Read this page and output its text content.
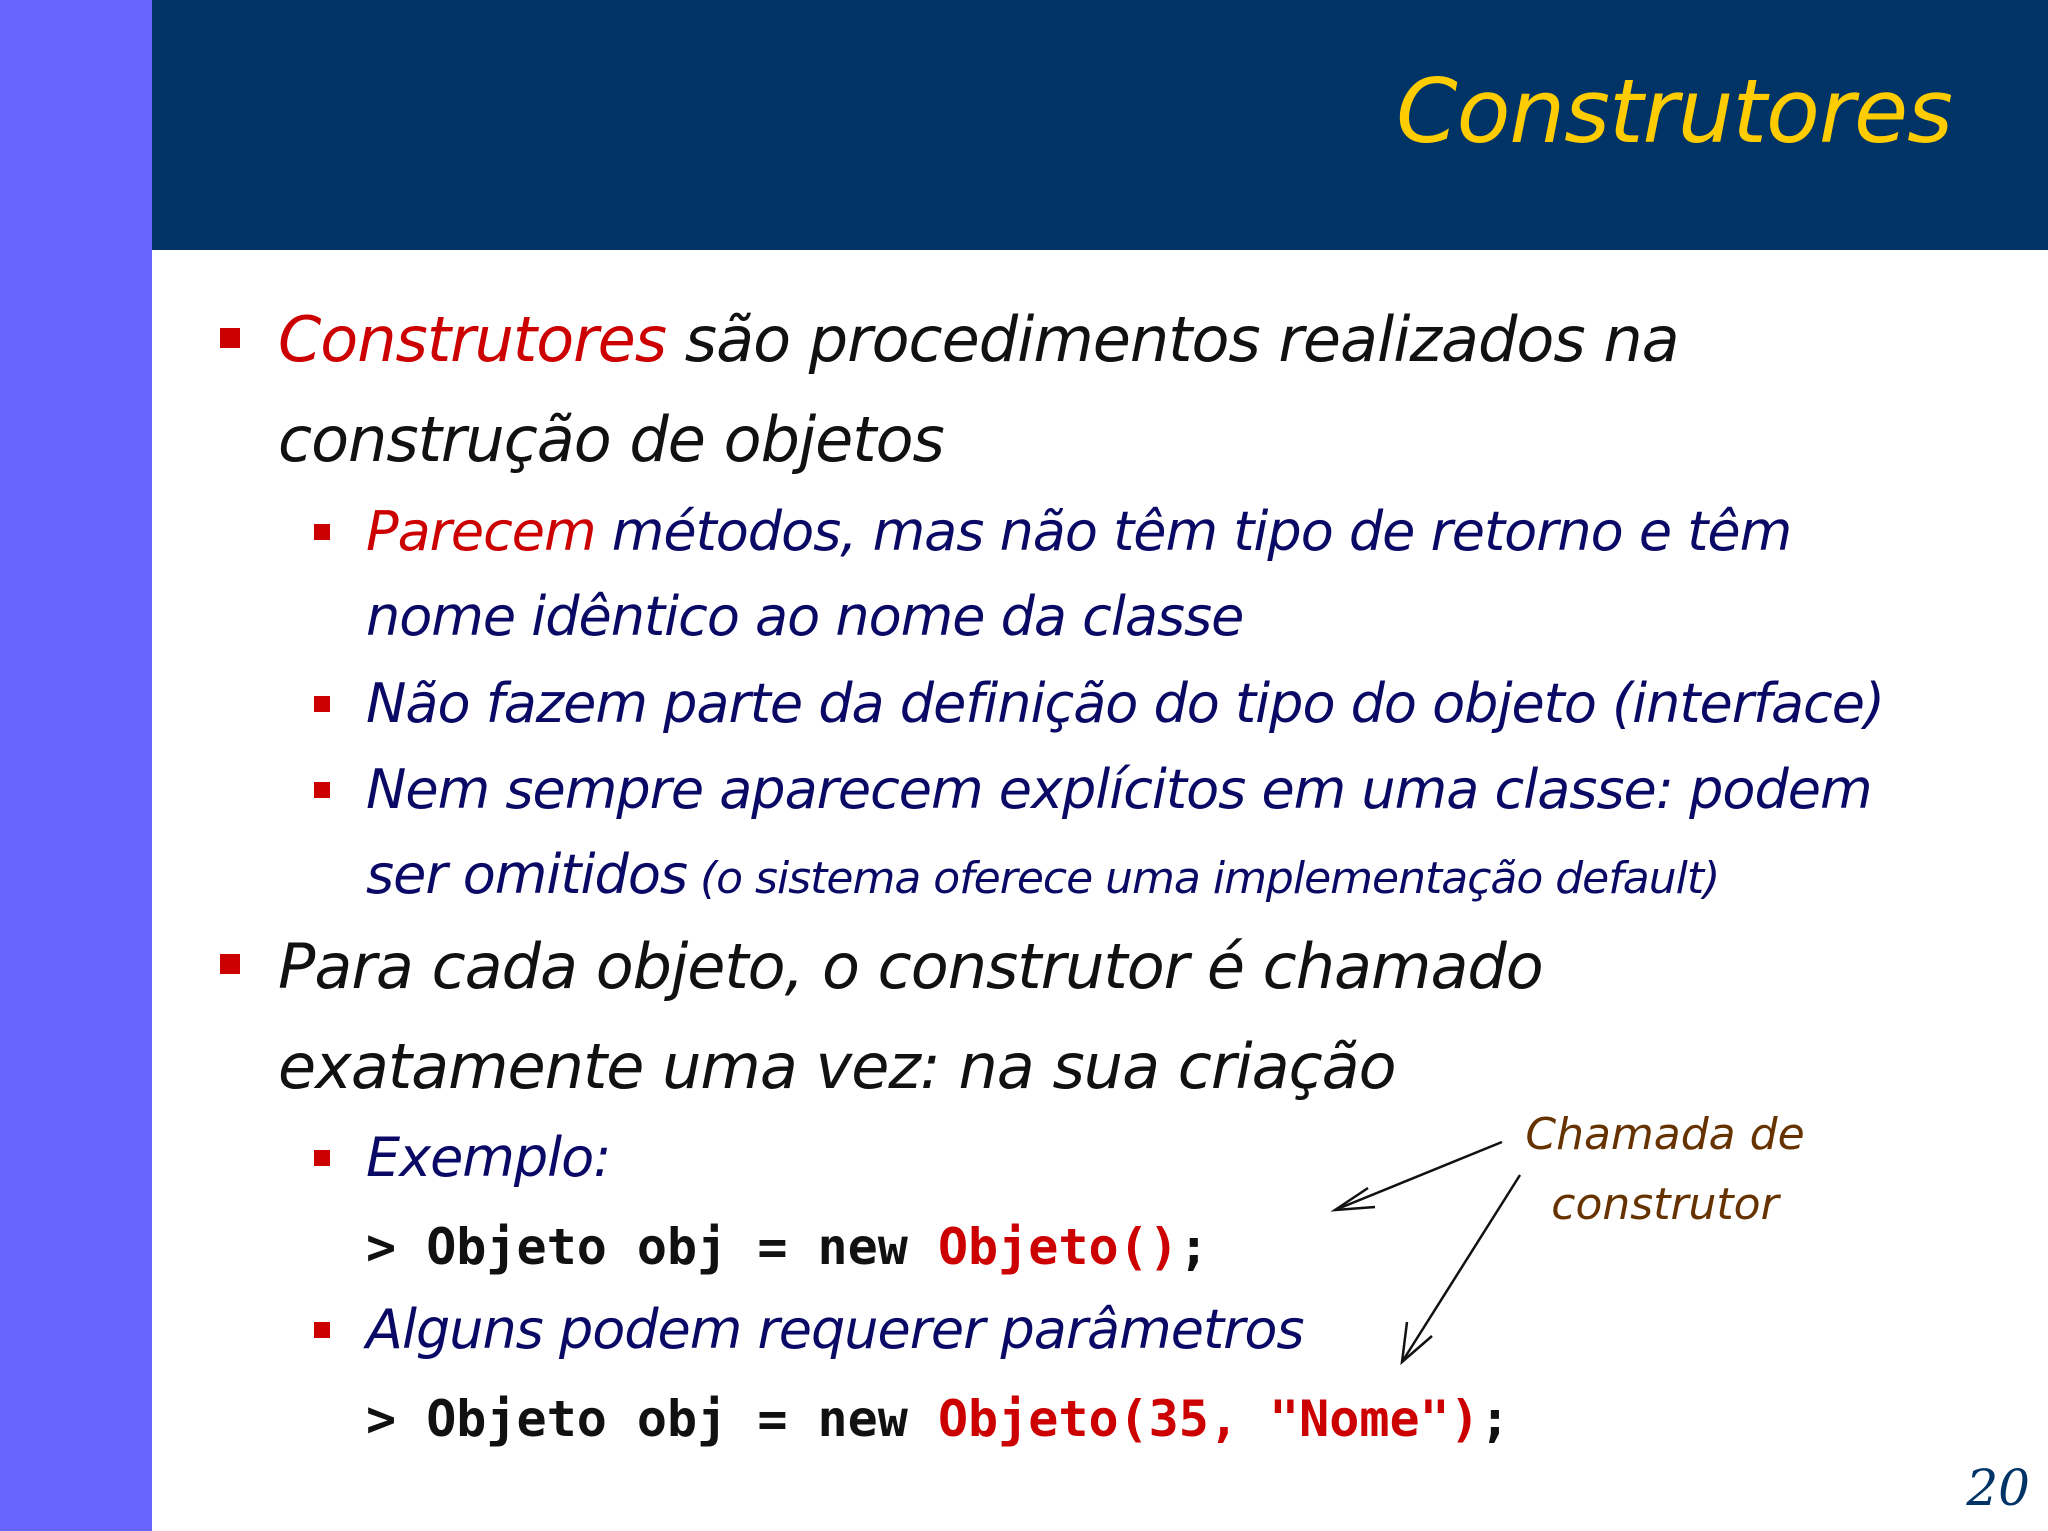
Construtores
Construtores são procedimentos realizados na
construção de objetos
Parecem métodos, mas não têm tipo de retorno e têm
nome idêntico ao nome da classe
Não fazem parte da definição do tipo do objeto (interface)
Nem sempre aparecem explícitos em uma classe: podem
ser omitidos (o sistema oferece uma implementação default)
Para cada objeto, o construtor é chamado
exatamente uma vez: na sua criação
Exemplo:
> Objeto obj = new Objeto();
Alguns podem requerer parâmetros
> Objeto obj = new Objeto(35, "Nome");
Chamada de
construtor
20
